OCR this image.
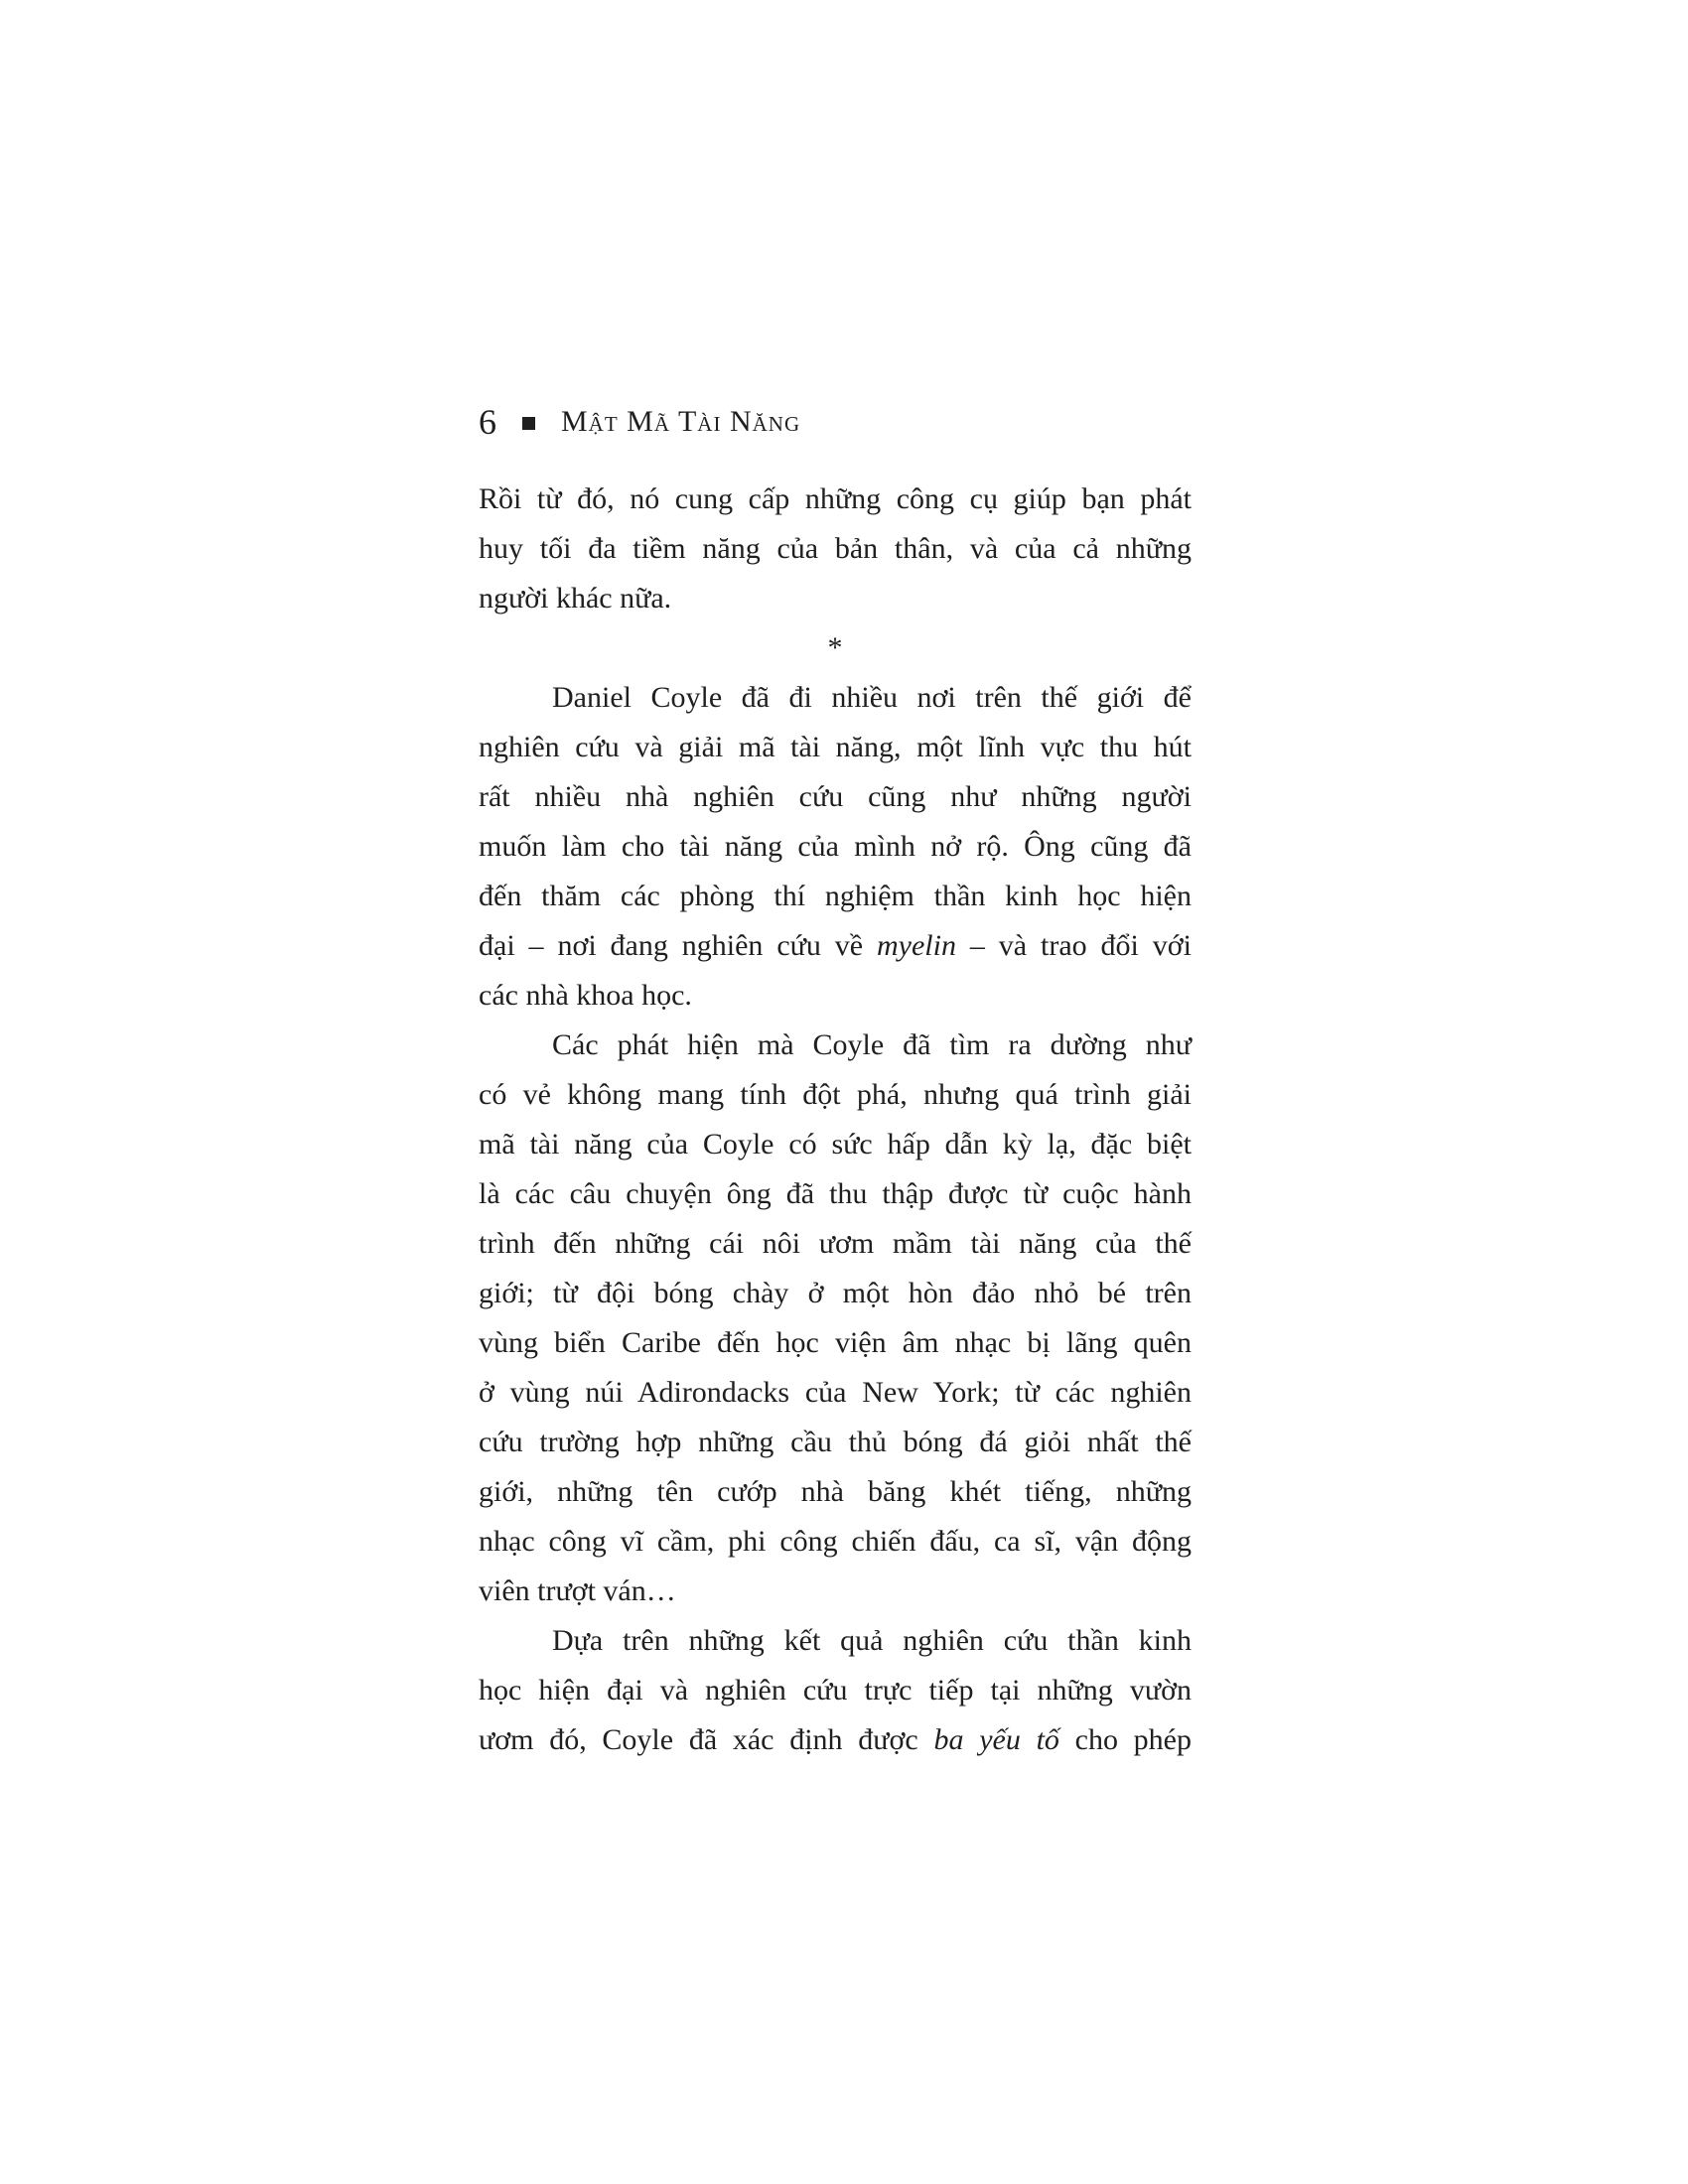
6 Mật Mã Tài Năng
Rồi từ đó, nó cung cấp những công cụ giúp bạn phát
huy tối đa tiềm năng của bản thân, và của cả những
người khác nữa.
*
Daniel Coyle đã đi nhiều nơi trên thế giới để
nghiên cứu và giải mã tài năng, một lĩnh vực thu hút
rất nhiều nhà nghiên cứu cũng như những người
muốn làm cho tài năng của mình nở rộ. Ông cũng đã
đến thăm các phòng thí nghiệm thần kinh học hiện
đại – nơi đang nghiên cứu về myelin – và trao đổi với
các nhà khoa học.
Các phát hiện mà Coyle đã tìm ra dường như
có vẻ không mang tính đột phá, nhưng quá trình giải
mã tài năng của Coyle có sức hấp dẫn kỳ lạ, đặc biệt
là các câu chuyện ông đã thu thập được từ cuộc hành
trình đến những cái nôi ươm mầm tài năng của thế
giới; từ đội bóng chày ở một hòn đảo nhỏ bé trên
vùng biển Caribe đến học viện âm nhạc bị lãng quên
ở vùng núi Adirondacks của New York; từ các nghiên
cứu trường hợp những cầu thủ bóng đá giỏi nhất thế
giới, những tên cướp nhà băng khét tiếng, những
nhạc công vĩ cầm, phi công chiến đấu, ca sĩ, vận động
viên trượt ván…
Dựa trên những kết quả nghiên cứu thần kinh
học hiện đại và nghiên cứu trực tiếp tại những vườn
ươm đó, Coyle đã xác định được ba yếu tố cho phép
